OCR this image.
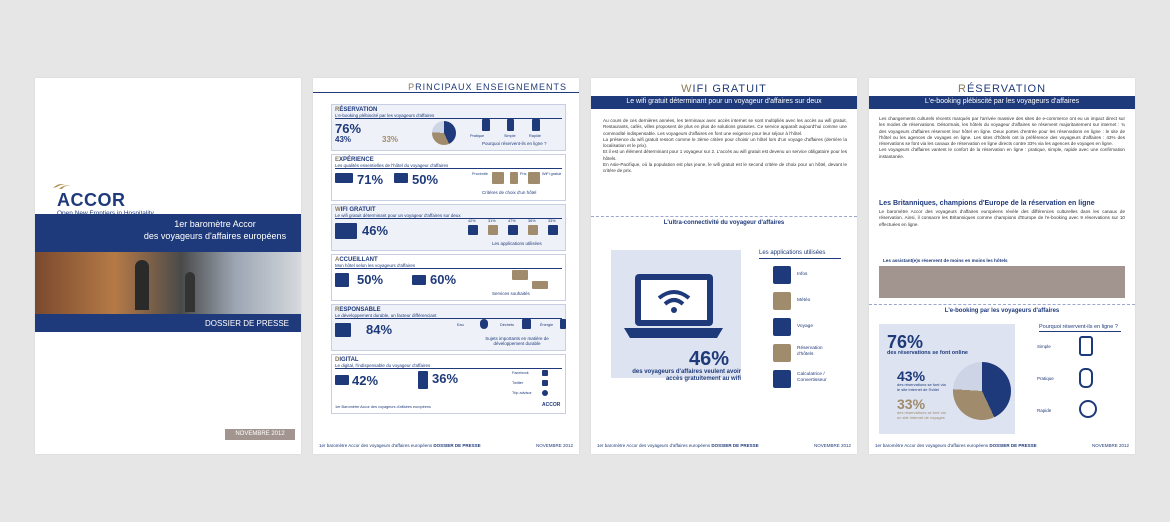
ACCOR
1er baromètre Accor
des voyageurs d'affaires européens
DOSSIER DE PRESSE
NOVEMBRE 2012
PRINCIPAUX ENSEIGNEMENTS
RÉSERVATION
L'e-booking plébiscité par les voyageurs d'affaires
76%
43%	33%	Pratique	Simple	Rapide
Pourquoi réservent-ils en ligne ?
EXPÉRIENCE
Les qualités essentielles de l'hôtel du voyageur d'affaires
71% 50%	Proximité	Prix	WiFi gratuit
Critères de choix d'un hôtel
WIFI GRATUIT
Le wifi gratuit déterminant pour un voyageur d'affaires sur deux
46%
42%	31%	47%	36%	33%
Les applications utilisées
ACCUEILLANT
Mon hôtel selon les voyageurs d'affaires
50%	60%
Services souhaités
RESPONSABLE
Le développement durable, un facteur différenciant
84%	Eau	Déchets	Énergie
Sujets importants en matière de développement durable
DIGITAL
Le digital, l'indispensable du voyageur d'affaires
42%	36%	Facebook
Twitter
Trip advisor
1er Baromètre Accor des voyageurs d'affaires européens	ACCOR
1er baromètre Accor des voyageurs d'affaires européens DOSSIER DE PRESSE	NOVEMBRE 2012
WIFI GRATUIT
Le wifi gratuit déterminant pour un voyageur d'affaires sur deux

Au cours de ces dernières années, les terminaux avec accès internet se sont multipliés avec les accès au wifi gratuit. Restaurants, cafés, villes proposent de plus en plus de solutions gratuites. Ce service apparaît aujourd'hui comme une commodité indispensable. Les voyageurs d'affaires en font une exigence pour leur séjour à l'hôtel.

La présence du wifi gratuit ressort comme le 3ème critère pour choisir un hôtel lors d'un voyage d'affaires (derrière la localisation et le prix).

Et il est un élément déterminant pour 1 voyageur sur 2. L'accès au wifi gratuit est devenu un service obligatoire pour les hôtels.

En Asie-Pacifique, où la population est plus jeune, le wifi gratuit est le second critère de choix pour un hôtel, devant le critère de prix.

L'ultra-connectivité du voyageur d'affaires
46%
des voyageurs d'affaires veulent avoir accès gratuitement au wifi
Les applications utilisées
Infos
Météo
Voyage
Réservation d'hôtels
Calculatrice / Convertisseur
1er baromètre Accor des voyageurs d'affaires européens DOSSIER DE PRESSE	NOVEMBRE 2012
RÉSERVATION
L'e-booking plébiscité par les voyageurs d'affaires

Les changements culturels récents marqués par l'arrivée massive des sites de e-commerce ont eu un impact direct sur les modes de réservations. Désormais, les hôtels du voyageur d'affaires se réservent majoritairement sur internet : ¾ des voyageurs d'affaires réservent leur hôtel en ligne. Deux portes d'entrée pour les réservations en ligne : le site de l'hôtel ou les agences de voyages en ligne. Les sites d'hôtels ont la préférence des voyageurs d'affaires : 43% des réservations se font via les canaux de réservation en ligne directs contre 33% via les agences de voyages en ligne.

Les voyageurs d'affaires vantent le confort de la réservation en ligne : pratique, simple, rapide avec une confirmation instantanée.

Les Britanniques, champions d'Europe de la réservation en ligne
Le baromètre Accor des voyageurs d'affaires européens révèle des différences culturelles dans les canaux de réservation. Ainsi, il consacre les Britanniques comme champions d'Europe de l'e-booking avec 9 réservations sur 10 effectuées en ligne.
Les assistant(e)s réservent de moins en moins les hôtels
L'e-booking par les voyageurs d'affaires
76%
des réservations se font online
43%
des réservations se font via le site internet de l'hôtel
33%
des réservations se font via un site internet de voyages
Pourquoi réservent-ils en ligne ?
Simple
Pratique
Rapide
1er baromètre Accor des voyageurs d'affaires européens DOSSIER DE PRESSE	NOVEMBRE 2012
